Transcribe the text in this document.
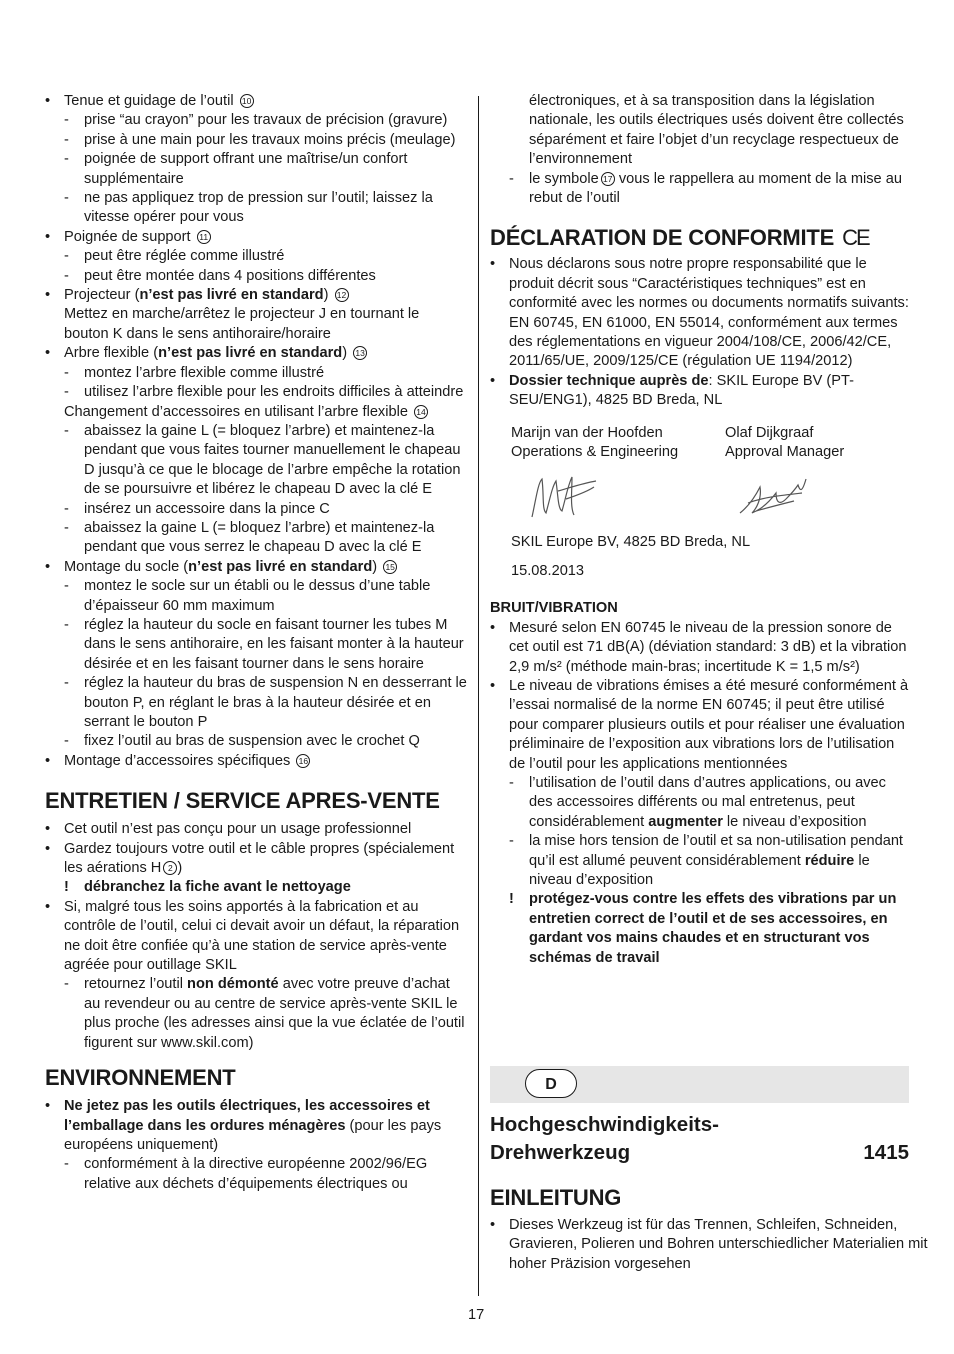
• Tenue et guidage de l’outil 10
- prise “au crayon” pour les travaux de précision (gravure)
- prise à une main pour les travaux moins précis (meulage)
- poignée de support offrant une maîtrise/un confort supplémentaire
- ne pas appliquez trop de pression sur l’outil; laissez la vitesse opérer pour vous
• Poignée de support 11
- peut être réglée comme illustré
- peut être montée dans 4 positions différentes
• Projecteur (n’est pas livré en standard) 12
Mettez en marche/arrêtez le projecteur J en tournant le bouton K dans le sens antihoraire/horaire
• Arbre flexible (n’est pas livré en standard) 13
- montez l’arbre flexible comme illustré
- utilisez l’arbre flexible pour les endroits difficiles à atteindre
Changement d’accessoires en utilisant l’arbre flexible 14
- abaissez la gaine L (= bloquez l’arbre) et maintenez-la pendant que vous faites tourner manuellement le chapeau D jusqu’à ce que le blocage de l’arbre empêche la rotation de se poursuivre et libérez le chapeau D avec la clé E
- insérez un accessoire dans la pince C
- abaissez la gaine L (= bloquez l’arbre) et maintenez-la pendant que vous serrez le chapeau D avec la clé E
• Montage du socle (n’est pas livré en standard) 15
- montez le socle sur un établi ou le dessus d’une table d’épaisseur 60 mm maximum
- réglez la hauteur du socle en faisant tourner les tubes M dans le sens antihoraire, en les faisant monter à la hauteur désirée et en les faisant tourner dans le sens horaire
- réglez la hauteur du bras de suspension N en desserrant le bouton P, en réglant le bras à la hauteur désirée et en serrant le bouton P
- fixez l’outil au bras de suspension avec le crochet Q
• Montage d’accessoires spécifiques 16
ENTRETIEN / SERVICE APRES-VENTE
• Cet outil n’est pas conçu pour un usage professionnel
• Gardez toujours votre outil et le câble propres (spécialement les aérations H 2 )
! débranchez la fiche avant le nettoyage
• Si, malgré tous les soins apportés à la fabrication et au contrôle de l’outil, celui ci devait avoir un défaut, la réparation ne doit être confiée qu’à une station de service après-vente agréée pour outillage SKIL
- retournez l’outil non démonté avec votre preuve d’achat au revendeur ou au centre de service après-vente SKIL le plus proche (les adresses ainsi que la vue éclatée de l’outil figurent sur www.skil.com)
ENVIRONNEMENT
• Ne jetez pas les outils électriques, les accessoires et l’emballage dans les ordures ménagères (pour les pays européens uniquement)
- conformément à la directive européenne 2002/96/EG relative aux déchets d’équipements électriques ou
électroniques, et à sa transposition dans la législation nationale, les outils électriques usés doivent être collectés séparément et faire l’objet d’un recyclage respectueux de l’environnement
- le symbole 17 vous le rappellera au moment de la mise au rebut de l’outil
DÉCLARATION DE CONFORMITE CE
• Nous déclarons sous notre propre responsabilité que le produit décrit sous “Caractéristiques techniques” est en conformité avec les normes ou documents normatifs suivants: EN 60745, EN 61000, EN 55014, conformément aux termes des réglementations en vigueur 2004/108/CE, 2006/42/CE, 2011/65/UE, 2009/125/CE (régulation UE 1194/2012)
• Dossier technique auprès de: SKIL Europe BV (PT-SEU/ENG1), 4825 BD Breda, NL
Marijn van der Hoofden
Operations & Engineering
Olaf Dijkgraaf
Approval Manager
SKIL Europe BV, 4825 BD Breda, NL
15.08.2013
BRUIT/VIBRATION
• Mesuré selon EN 60745 le niveau de la pression sonore de cet outil est 71 dB(A) (déviation standard: 3 dB) et la vibration 2,9 m/s² (méthode main-bras; incertitude K = 1,5 m/s²)
• Le niveau de vibrations émises a été mesuré conformément à l’essai normalisé de la norme EN 60745; il peut être utilisé pour comparer plusieurs outils et pour réaliser une évaluation préliminaire de l’exposition aux vibrations lors de l’utilisation de l’outil pour les applications mentionnées
- l’utilisation de l’outil dans d’autres applications, ou avec des accessoires différents ou mal entretenus, peut considérablement augmenter le niveau d’exposition
- la mise hors tension de l’outil et sa non-utilisation pendant qu’il est allumé peuvent considérablement réduire le niveau d’exposition
! protégez-vous contre les effets des vibrations par un entretien correct de l’outil et de ses accessoires, en gardant vos mains chaudes et en structurant vos schémas de travail
D
Hochgeschwindigkeits-
Drehwerkzeug	1415
EINLEITUNG
• Dieses Werkzeug ist für das Trennen, Schleifen, Schneiden, Gravieren, Polieren und Bohren unterschiedlicher Materialien mit hoher Präzision vorgesehen
17
